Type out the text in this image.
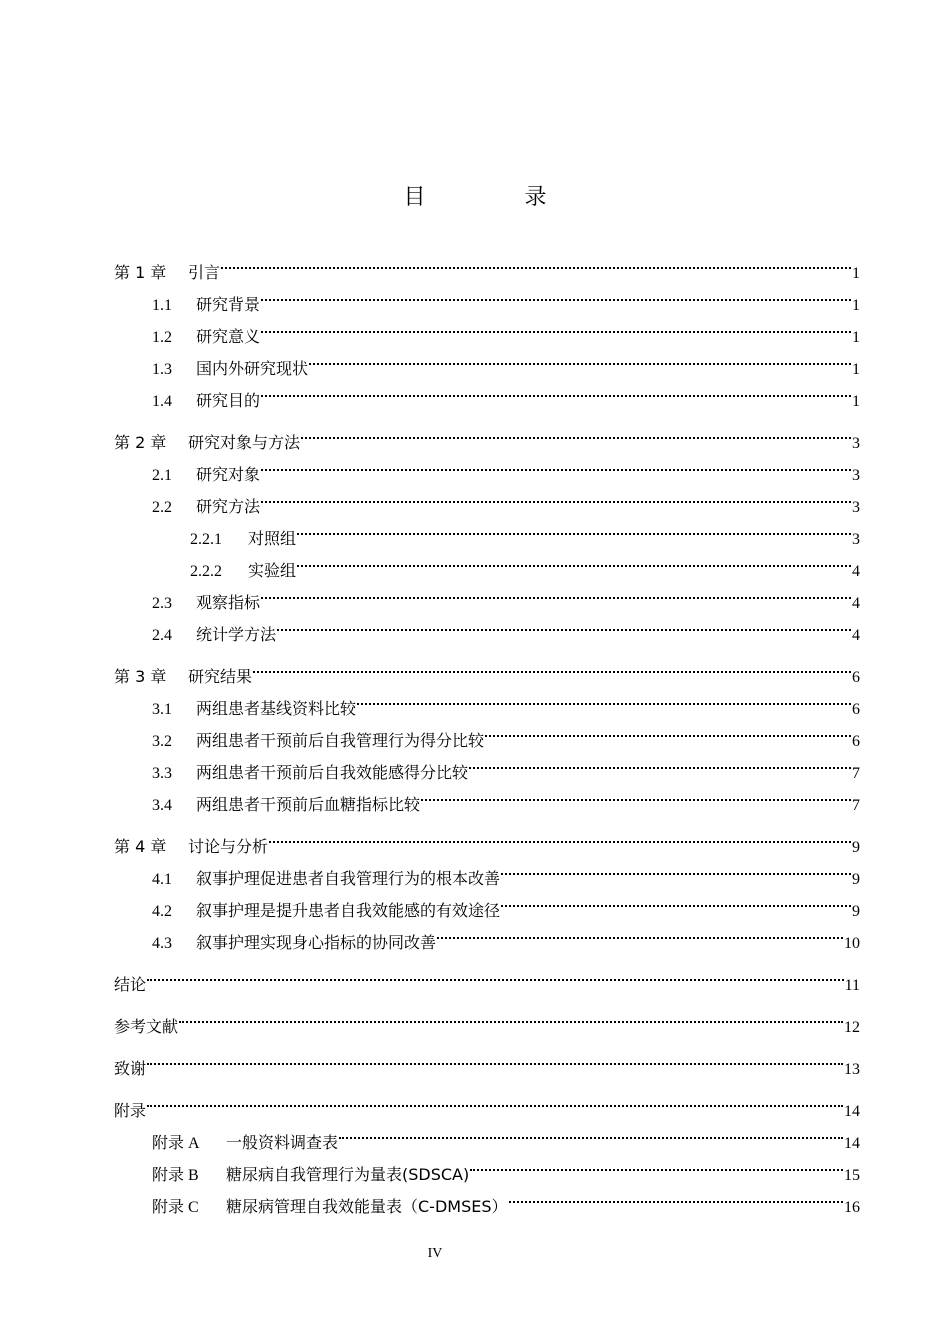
目 录
第 1 章	引言	1
1.1	研究背景	1
1.2	研究意义	1
1.3	国内外研究现状	1
1.4	研究目的	1
第 2 章	研究对象与方法	3
2.1	研究对象	3
2.2	研究方法	3
2.2.1	对照组	3
2.2.2	实验组	4
2.3	观察指标	4
2.4	统计学方法	4
第 3 章	研究结果	6
3.1	两组患者基线资料比较	6
3.2	两组患者干预前后自我管理行为得分比较	6
3.3	两组患者干预前后自我效能感得分比较	7
3.4	两组患者干预前后血糖指标比较	7
第 4 章	讨论与分析	9
4.1	叙事护理促进患者自我管理行为的根本改善	9
4.2	叙事护理是提升患者自我效能感的有效途径	9
4.3	叙事护理实现身心指标的协同改善	10
结论	11
参考文献	12
致谢	13
附录	14
附录 A	一般资料调查表	14
附录 B	糖尿病自我管理行为量表(SDSCA)	15
附录 C	糖尿病管理自我效能量表（C-DMSES）	16
IV
